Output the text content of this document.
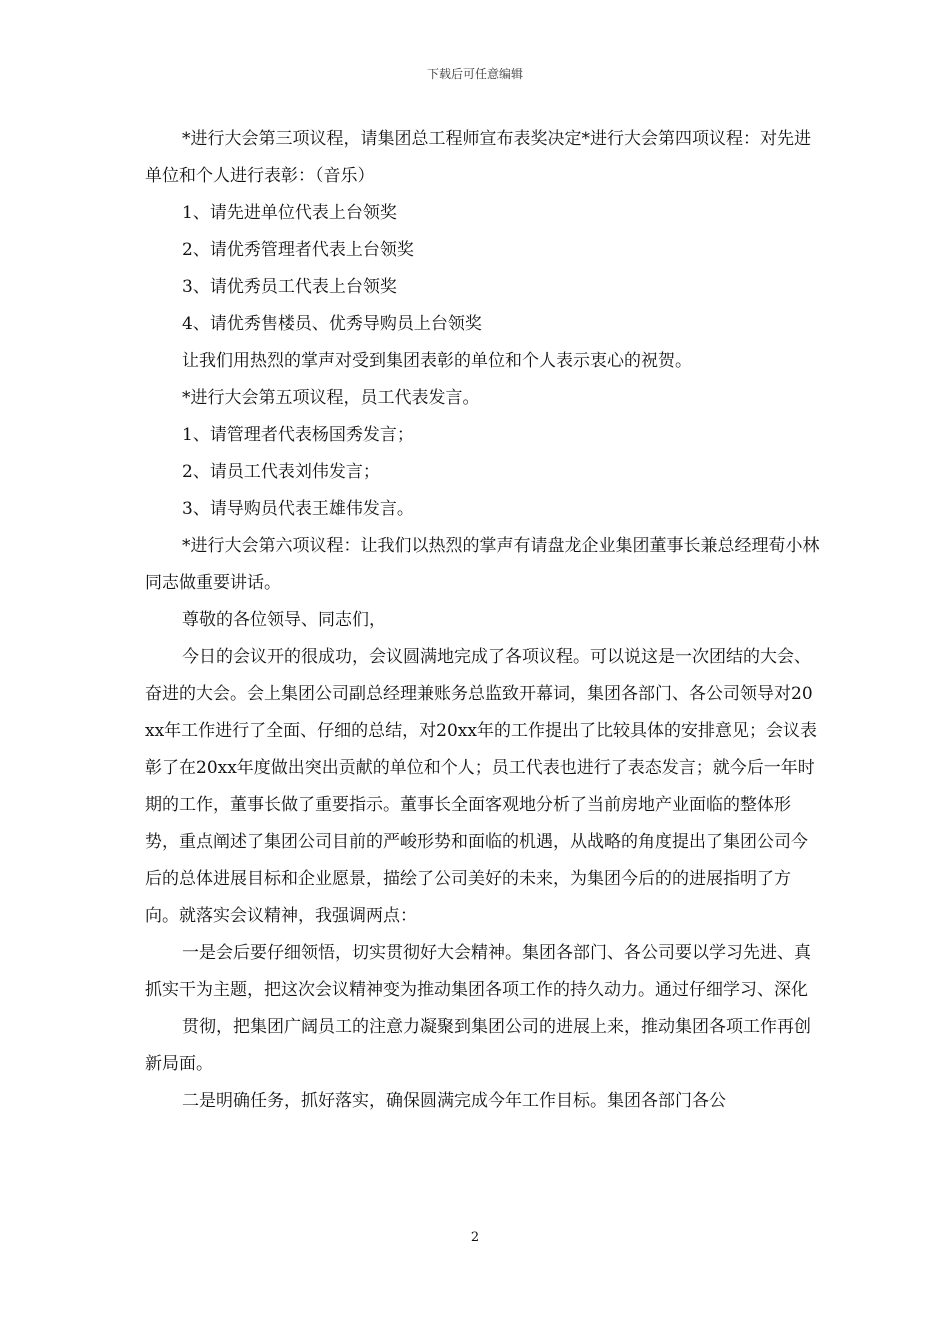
下载后可任意编辑

*进行大会第三项议程，请集团总工程师宣布表奖决定*进行大会第四项议程：对先进单位和个人进行表彰：（音乐）

1、请先进单位代表上台领奖

2、请优秀管理者代表上台领奖

3、请优秀员工代表上台领奖

4、请优秀售楼员、优秀导购员上台领奖

让我们用热烈的掌声对受到集团表彰的单位和个人表示衷心的祝贺。

*进行大会第五项议程，员工代表发言。

1、请管理者代表杨国秀发言；

2、请员工代表刘伟发言；

3、请导购员代表王雄伟发言。

*进行大会第六项议程：让我们以热烈的掌声有请盘龙企业集团董事长兼总经理荀小林同志做重要讲话。

尊敬的各位领导、同志们，

今日的会议开的很成功，会议圆满地完成了各项议程。可以说这是一次团结的大会、奋进的大会。会上集团公司副总经理兼账务总监致开幕词，集团各部门、各公司领导对20xx年工作进行了全面、仔细的总结，对20xx年的工作提出了比较具体的安排意见；会议表彰了在20xx年度做出突出贡献的单位和个人；员工代表也进行了表态发言；就今后一年时期的工作，董事长做了重要指示。董事长全面客观地分析了当前房地产业面临的整体形势，重点阐述了集团公司目前的严峻形势和面临的机遇，从战略的角度提出了集团公司今后的总体进展目标和企业愿景，描绘了公司美好的未来，为集团今后的的进展指明了方向。就落实会议精神，我强调两点：

一是会后要仔细领悟，切实贯彻好大会精神。集团各部门、各公司要以学习先进、真抓实干为主题，把这次会议精神变为推动集团各项工作的持久动力。通过仔细学习、深化

贯彻，把集团广阔员工的注意力凝聚到集团公司的进展上来，推动集团各项工作再创新局面。

二是明确任务，抓好落实，确保圆满完成今年工作目标。集团各部门各公

2
